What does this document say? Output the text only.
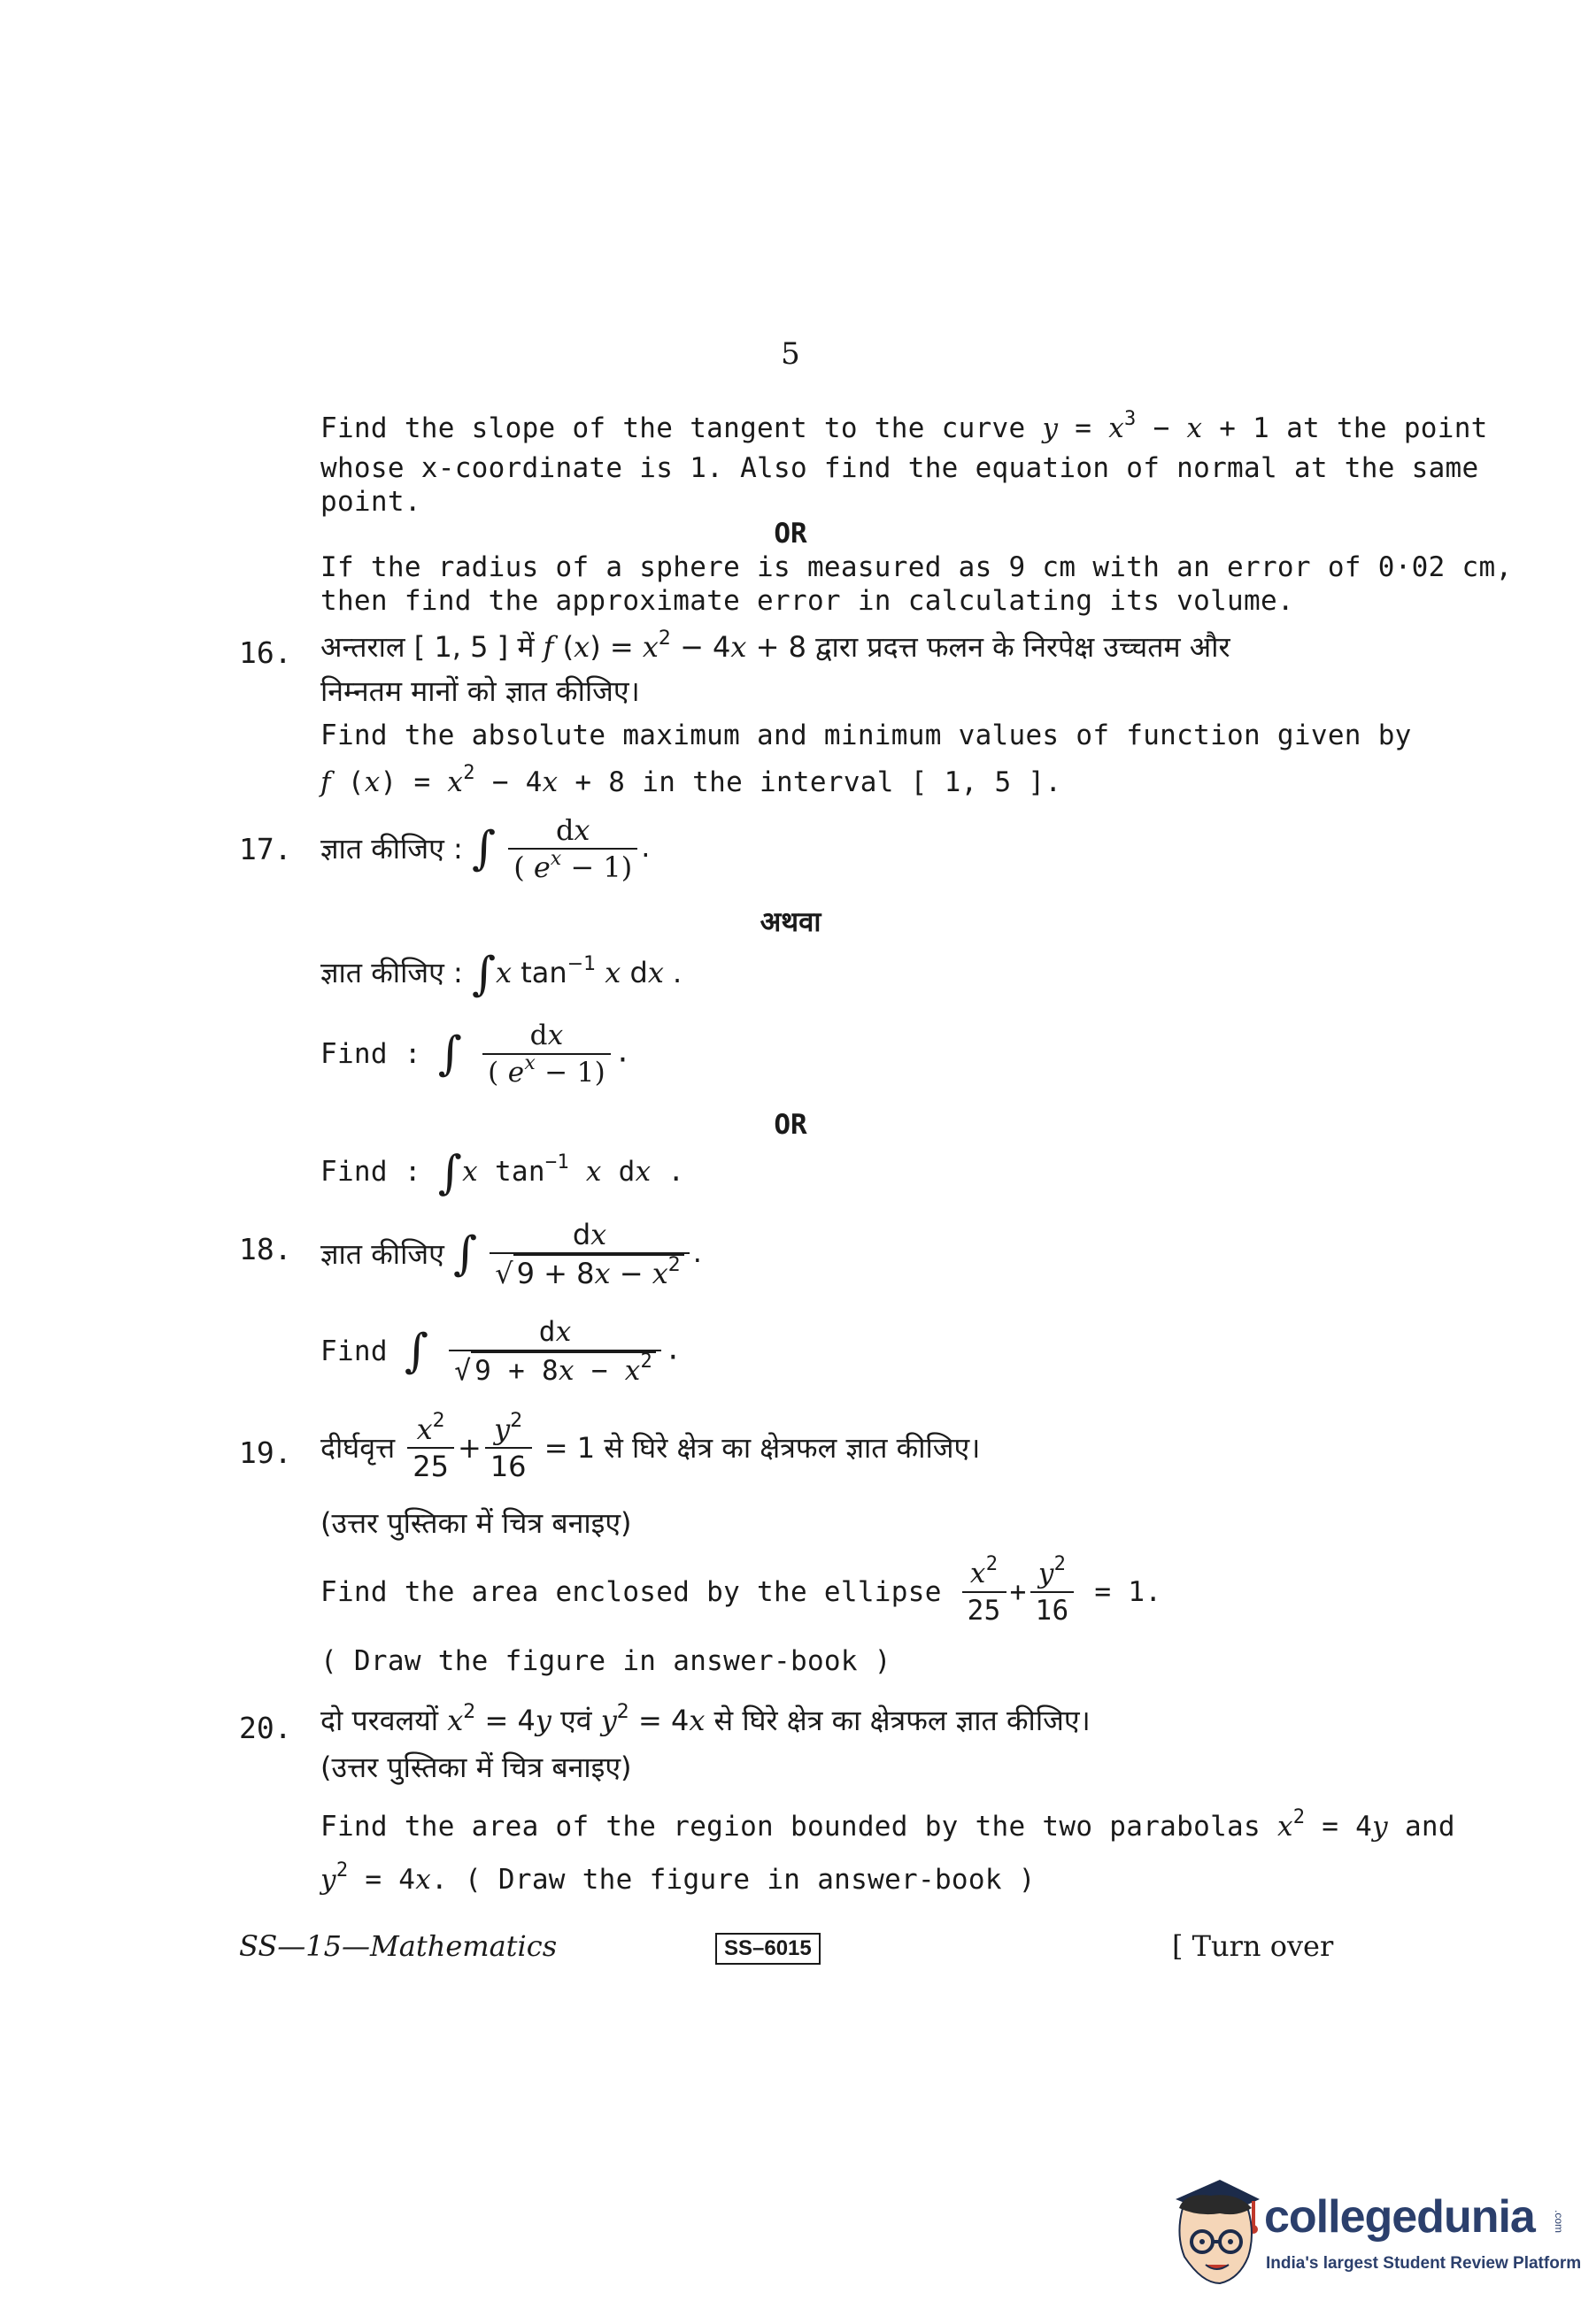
5
Find the slope of the tangent to the curve $y = x^3 - x + 1$ at the point
whose x-coordinate is 1. Also find the equation of normal at the same
point.
OR
If the radius of a sphere is measured as 9 cm with an error of 0·02 cm,
then find the approximate error in calculating its volume.
16. अन्तराल [ 1, 5 ] में f $(x) = x^2 - 4x + 8$ द्वारा प्रदत्त फलन के निरपेक्ष उच्चतम और
निम्नतम मानों को ज्ञात कीजिए।
Find the absolute maximum and minimum values of function given by
f $(x) = x^2 - 4x + 8$ in the interval [ 1, 5 ].
17. ज्ञात कीजिए : ∫ $\frac{dx}{( e^x - 1)}$ .
अथवा
ज्ञात कीजिए : ∫x $\tan^{-1} x$ dx .
Find : ∫ $\frac{dx}{( e^x - 1)}$ .
OR
Find : ∫x $\tan^{-1} x$ dx .
18. ज्ञात कीजिए ∫ $\frac{dx}{√ 9 + 8x - x^2}$ .
Find ∫ $\frac{dx}{√ 9 + 8x - x^2}$ .
19. दीर्घवृत्त $\frac{x^2}{25} + \frac{y^2}{16} = 1$ से घिरे क्षेत्र का क्षेत्रफल ज्ञात कीजिए।
(उत्तर पुस्तिका में चित्र बनाइए)
Find the area enclosed by the ellipse $\frac{x^2}{25} + \frac{y^2}{16} = 1$.
( Draw the figure in answer-book )
20. दो परवलयों $x^2 = 4y$ एवं $y^2 = 4x$ से घिरे क्षेत्र का क्षेत्रफल ज्ञात कीजिए।
(उत्तर पुस्तिका में चित्र बनाइए)
Find the area of the region bounded by the two parabolas $x^2 = 4y$ and
$y^2 = 4x$. ( Draw the figure in answer-book )
SS—15—Mathematics	SS–6015	[ Turn over
collegedunia .com
India's largest Student Review Platform
